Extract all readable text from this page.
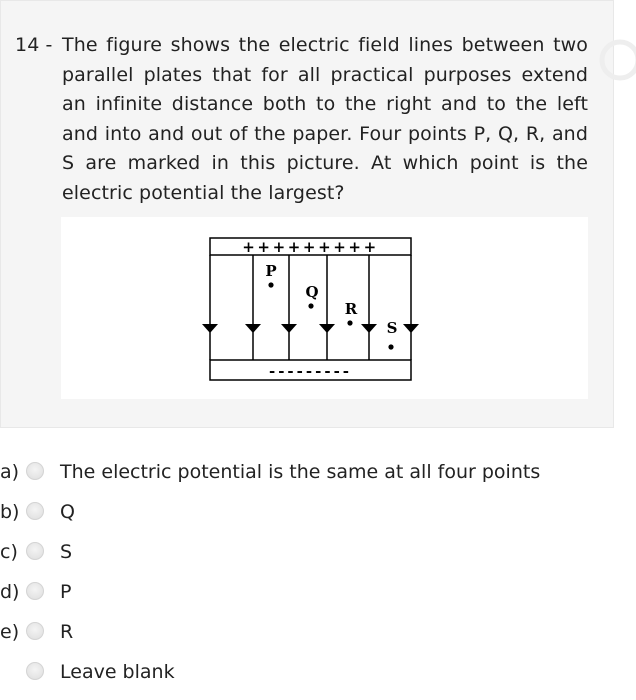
14 - The figure shows the electric field lines between two parallel plates that for all practical purposes extend an infinite distance both to the right and to the left and into and out of the paper. Four points P, Q, R, and S are marked in this picture. At which point is the electric potential the largest?
+++++++++
---------
P
Q
R
S
a) The electric potential is the same at all four points
b) Q
c) S
d) P
e) R
Leave blank
